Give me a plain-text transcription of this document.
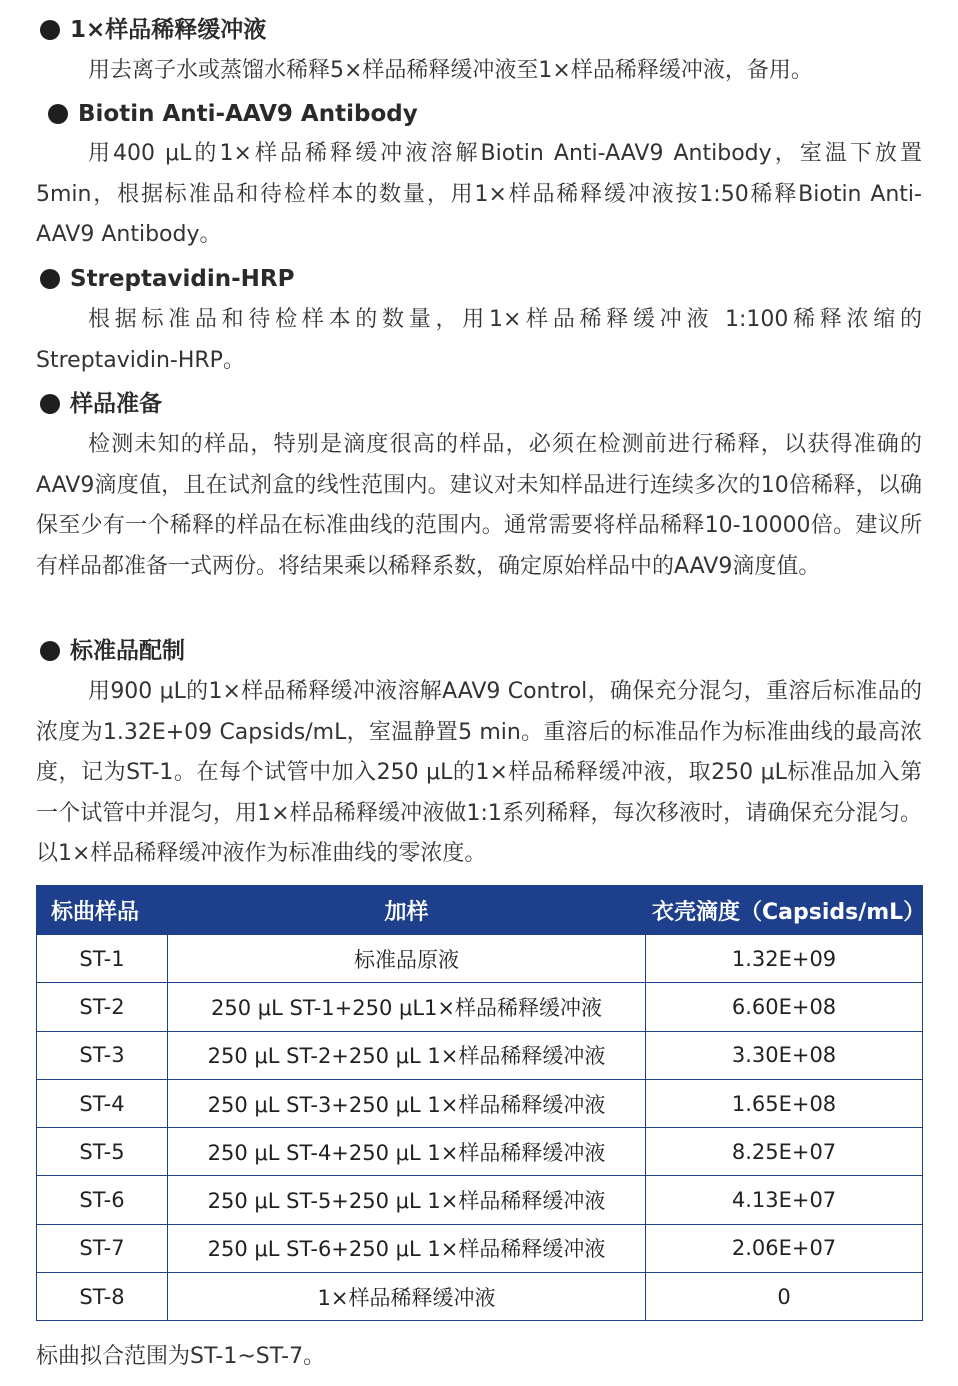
1×样品稀释缓冲液

用去离子水或蒸馏水稀释5×样品稀释缓冲液至1×样品稀释缓冲液，备用。

Biotin Anti-AAV9 Antibody

用400 μL的1×样品稀释缓冲液溶解Biotin Anti-AAV9 Antibody，室温下放置5min，根据标准品和待检样本的数量，用1×样品稀释缓冲液按1:50稀释Biotin Anti-AAV9 Antibody。

Streptavidin-HRP

根据标准品和待检样本的数量，用1×样品稀释缓冲液 1:100稀释浓缩的Streptavidin-HRP。

样品准备

检测未知的样品，特别是滴度很高的样品，必须在检测前进行稀释，以获得准确的AAV9滴度值，且在试剂盒的线性范围内。建议对未知样品进行连续多次的10倍稀释，以确保至少有一个稀释的样品在标准曲线的范围内。通常需要将样品稀释10-10000倍。建议所有样品都准备一式两份。将结果乘以稀释系数，确定原始样品中的AAV9滴度值。

标准品配制

用900 μL的1×样品稀释缓冲液溶解AAV9 Control，确保充分混匀，重溶后标准品的浓度为1.32E+09 Capsids/mL，室温静置5 min。重溶后的标准品作为标准曲线的最高浓度，记为ST-1。在每个试管中加入250 μL的1×样品稀释缓冲液，取250 μL标准品加入第一个试管中并混匀，用1×样品稀释缓冲液做1:1系列稀释，每次移液时，请确保充分混匀。以1×样品稀释缓冲液作为标准曲线的零浓度。

标曲样品	加样	衣壳滴度（Capsids/mL）
ST-1	标准品原液	1.32E+09
ST-2	250 μL ST-1+250 μL1×样品稀释缓冲液	6.60E+08
ST-3	250 μL ST-2+250 μL 1×样品稀释缓冲液	3.30E+08
ST-4	250 μL ST-3+250 μL 1×样品稀释缓冲液	1.65E+08
ST-5	250 μL ST-4+250 μL 1×样品稀释缓冲液	8.25E+07
ST-6	250 μL ST-5+250 μL 1×样品稀释缓冲液	4.13E+07
ST-7	250 μL ST-6+250 μL 1×样品稀释缓冲液	2.06E+07
ST-8	1×样品稀释缓冲液	0
标曲拟合范围为ST-1~ST-7。
